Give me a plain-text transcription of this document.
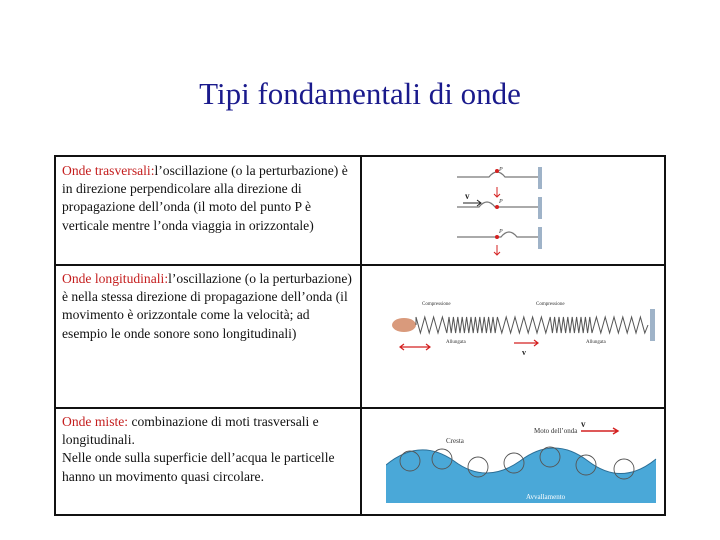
Tipi fondamentali di onde
Onde trasversali:l’oscillazione (o la perturbazione) è in direzione perpendicolare alla direzione di propagazione dell’onda (il moto del punto P è verticale mentre l’onda viaggia in orizzontale)
Onde longitudinali:l’oscillazione (o la perturbazione) è nella stessa direzione di propagazione dell’onda (il movimento è orizzontale come la velocità; ad esempio le onde sonore sono longitudinali)
Onde miste: combinazione di moti trasversali e longitudinali.
Nelle onde sulla superficie dell’acqua le particelle hanno un movimento quasi circolare.
P
P
P
v
Compressione
Allungata
Compressione
Allungata
v
Moto dell’onda
v
Cresta
Avvallamento
